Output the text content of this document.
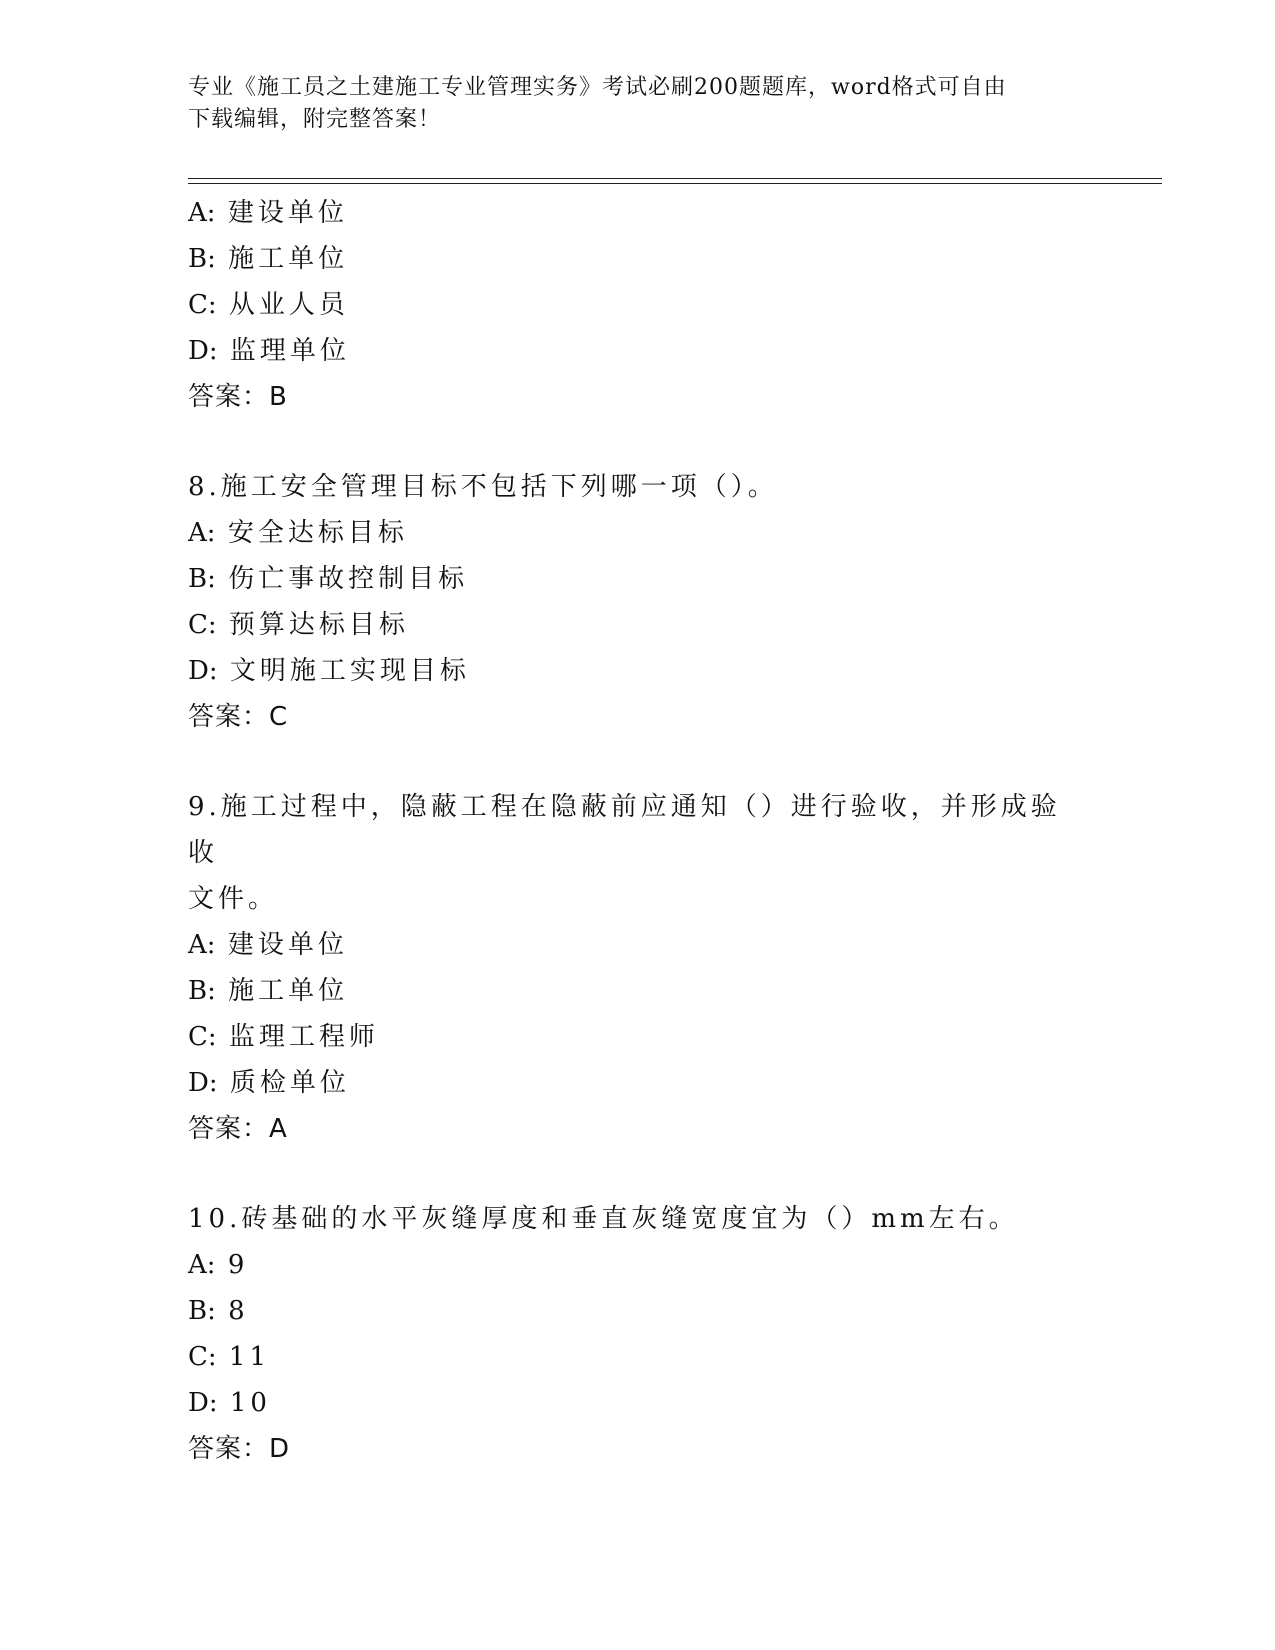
专业《施工员之土建施工专业管理实务》考试必刷200题题库，word格式可自由
下载编辑，附完整答案！
A: 建设单位
B: 施工单位
C: 从业人员
D: 监理单位
答案：B
8.施工安全管理目标不包括下列哪一项（）。
A: 安全达标目标
B: 伤亡事故控制目标
C: 预算达标目标
D: 文明施工实现目标
答案：C
9.施工过程中，隐蔽工程在隐蔽前应通知（）进行验收，并形成验收
文件。
A: 建设单位
B: 施工单位
C: 监理工程师
D: 质检单位
答案：A
10.砖基础的水平灰缝厚度和垂直灰缝宽度宜为（）mm左右。
A: 9
B: 8
C: 11
D: 10
答案：D
